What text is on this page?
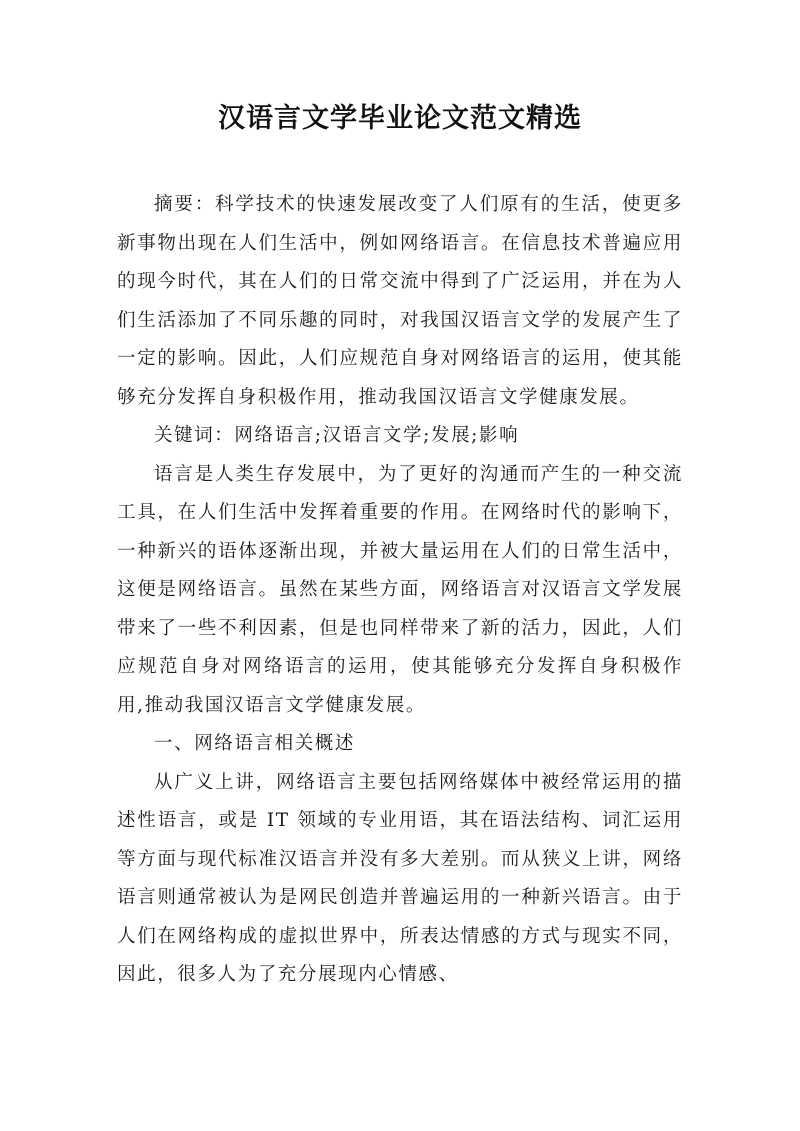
汉语言文学毕业论文范文精选

摘要：科学技术的快速发展改变了人们原有的生活，使更多新事物出现在人们生活中，例如网络语言。在信息技术普遍应用的现今时代，其在人们的日常交流中得到了广泛运用，并在为人们生活添加了不同乐趣的同时，对我国汉语言文学的发展产生了一定的影响。因此，人们应规范自身对网络语言的运用，使其能够充分发挥自身积极作用，推动我国汉语言文学健康发展。

关键词：网络语言;汉语言文学;发展;影响

语言是人类生存发展中，为了更好的沟通而产生的一种交流工具，在人们生活中发挥着重要的作用。在网络时代的影响下，一种新兴的语体逐渐出现，并被大量运用在人们的日常生活中，这便是网络语言。虽然在某些方面，网络语言对汉语言文学发展带来了一些不利因素，但是也同样带来了新的活力，因此，人们应规范自身对网络语言的运用，使其能够充分发挥自身积极作用,推动我国汉语言文学健康发展。

一、网络语言相关概述

从广义上讲，网络语言主要包括网络媒体中被经常运用的描述性语言，或是 IT 领域的专业用语，其在语法结构、词汇运用等方面与现代标准汉语言并没有多大差别。而从狭义上讲，网络语言则通常被认为是网民创造并普遍运用的一种新兴语言。由于人们在网络构成的虚拟世界中，所表达情感的方式与现实不同，因此，很多人为了充分展现内心情感、
